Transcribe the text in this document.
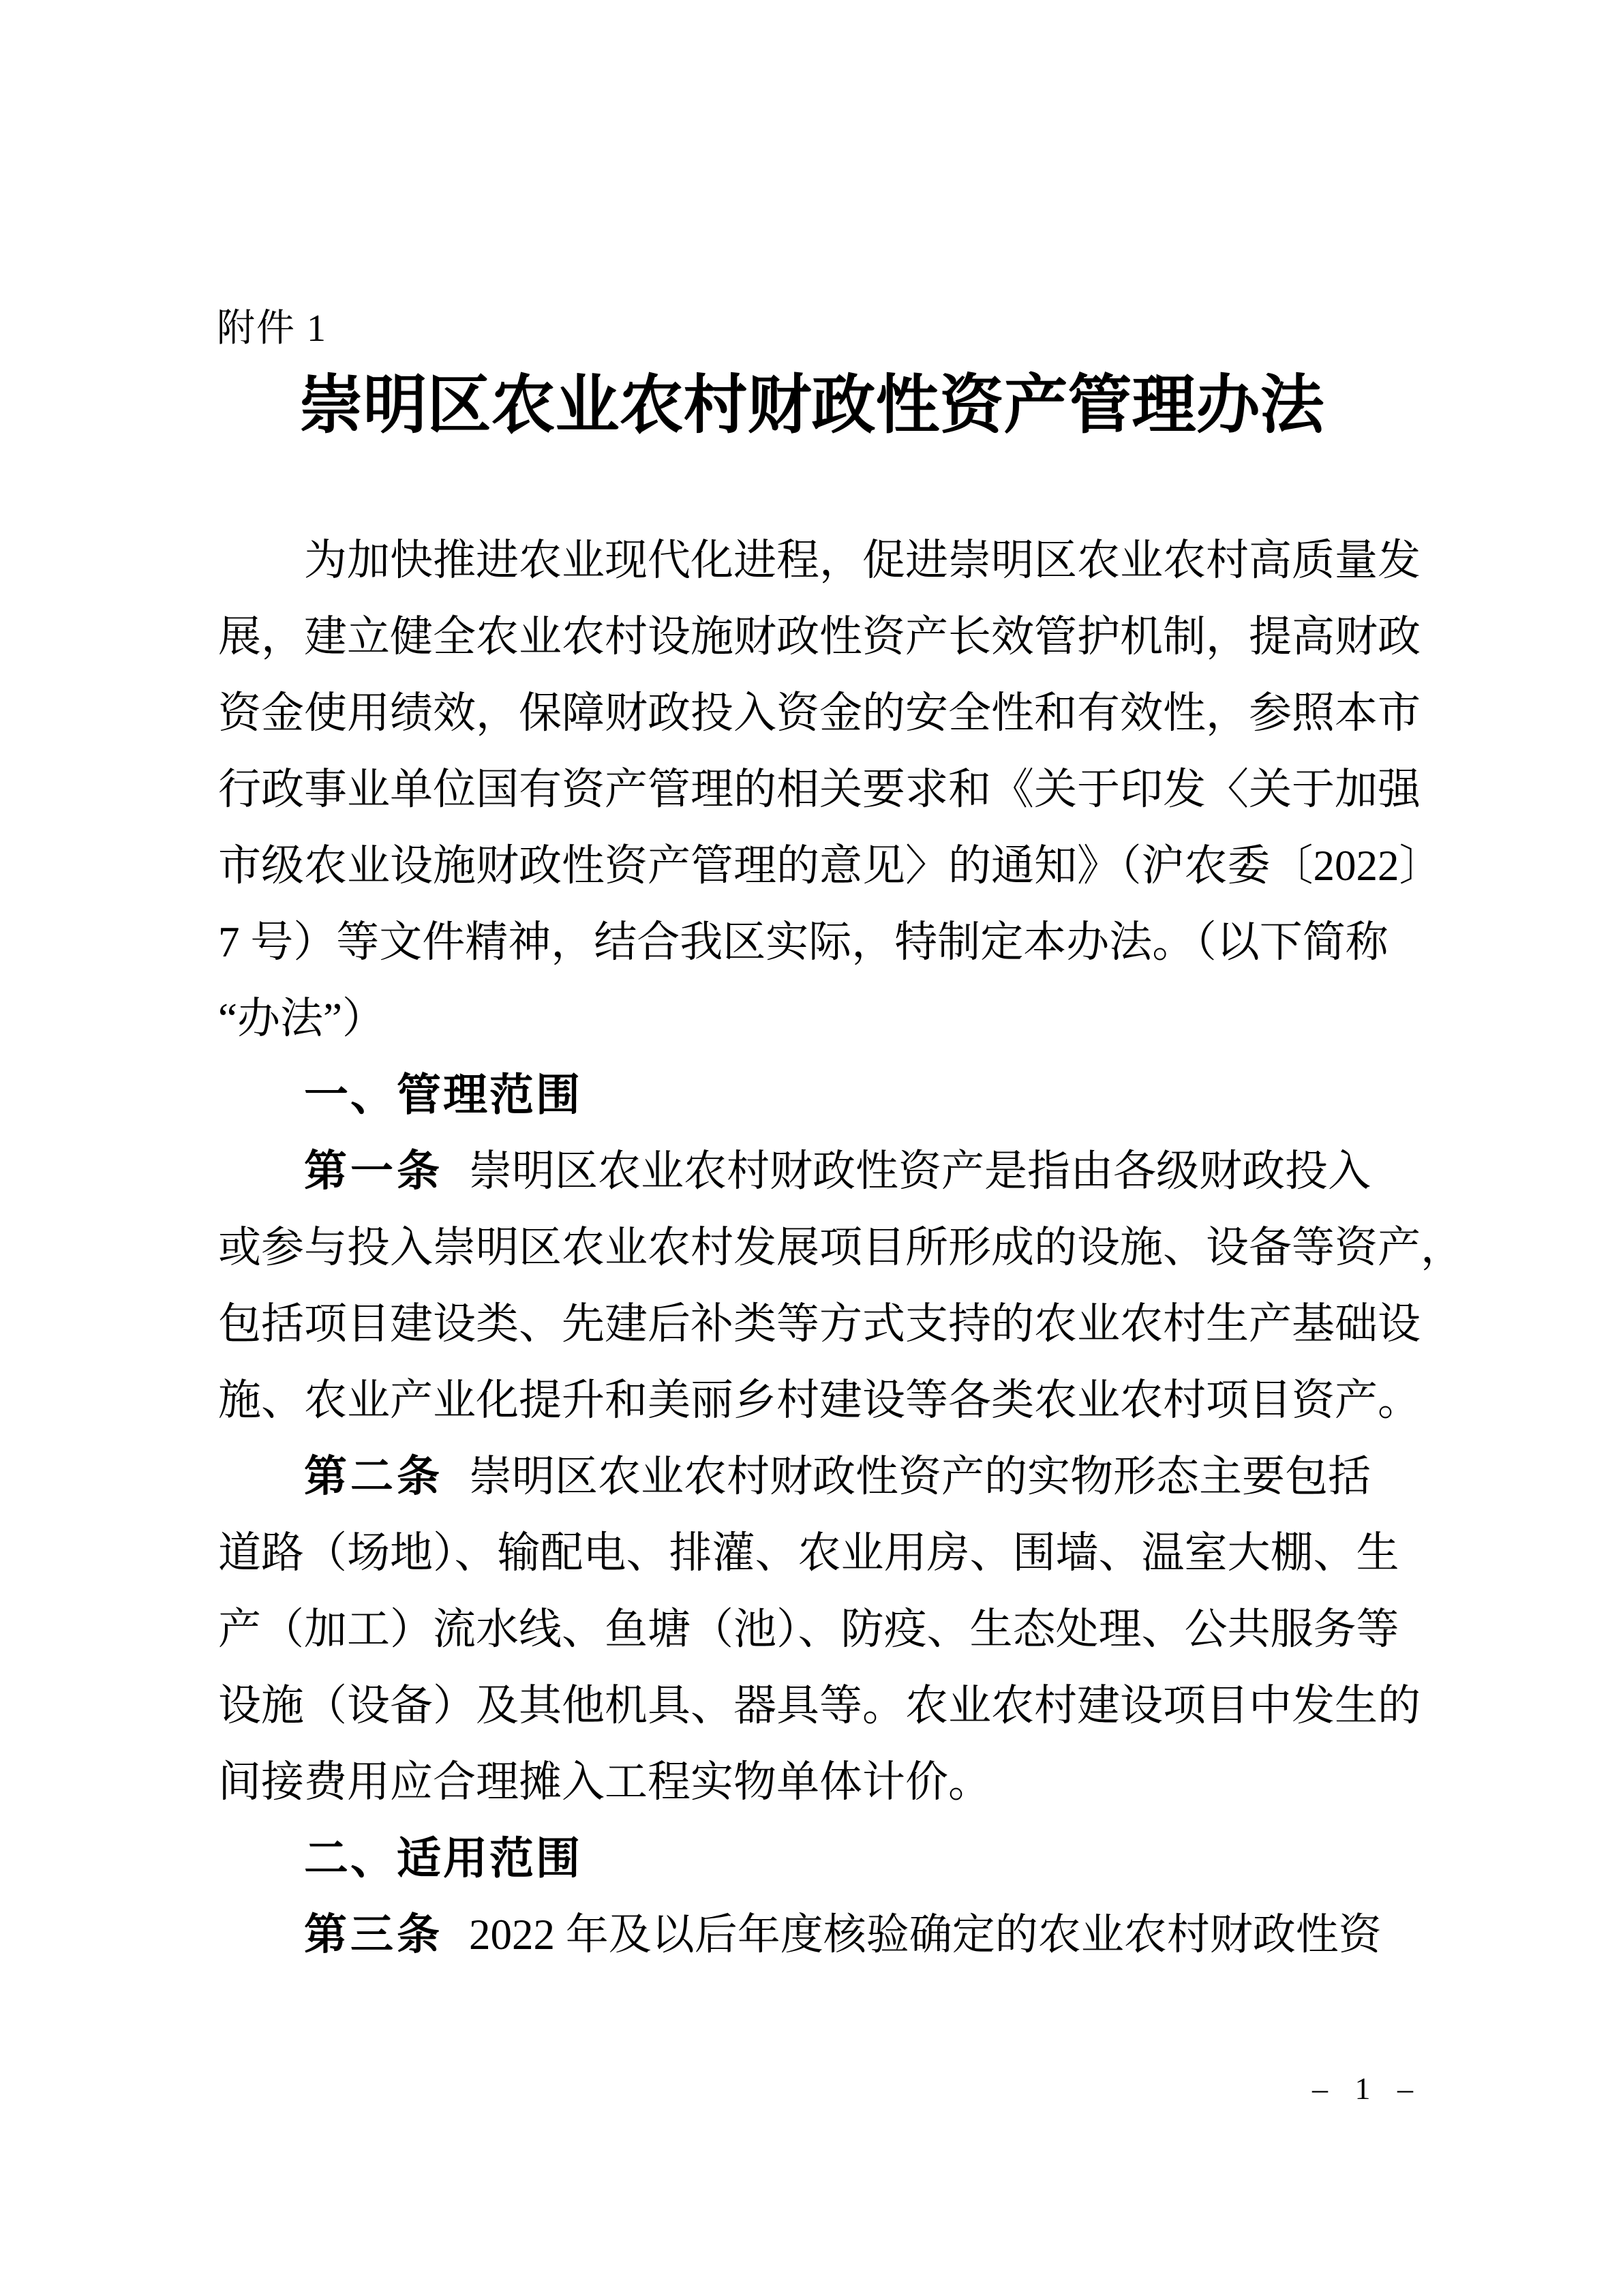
附件 1
崇明区农业农村财政性资产管理办法
为加快推进农业现代化进程，促进崇明区农业农村高质量发
展，建立健全农业农村设施财政性资产长效管护机制，提高财政
资金使用绩效，保障财政投入资金的安全性和有效性，参照本市
行政事业单位国有资产管理的相关要求和《关于印发〈关于加强
市级农业设施财政性资产管理的意见〉的通知》（沪农委〔2022〕
7 号）等文件精神，结合我区实际，特制定本办法。（以下简称
“办法”）
一、管理范围
第一条 崇明区农业农村财政性资产是指由各级财政投入
或参与投入崇明区农业农村发展项目所形成的设施、设备等资产，
包括项目建设类、先建后补类等方式支持的农业农村生产基础设
施、农业产业化提升和美丽乡村建设等各类农业农村项目资产。
第二条 崇明区农业农村财政性资产的实物形态主要包括
道路（场地）、输配电、排灌、农业用房、围墙、温室大棚、生
产（加工）流水线、鱼塘（池）、防疫、生态处理、公共服务等
设施（设备）及其他机具、器具等。农业农村建设项目中发生的
间接费用应合理摊入工程实物单体计价。
二、适用范围
第三条 2022 年及以后年度核验确定的农业农村财政性资
– 1 –
